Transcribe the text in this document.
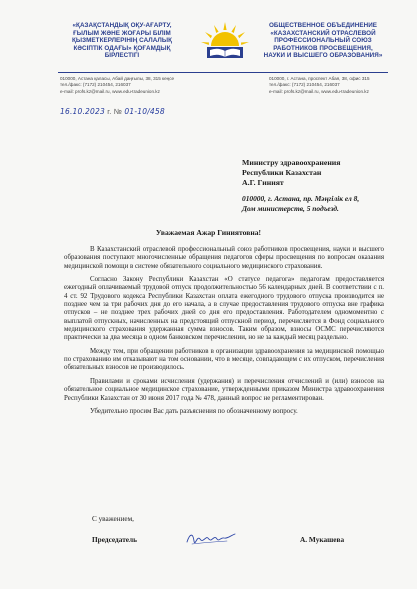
«ҚАЗАҚСТАНДЫҚ ОҚУ-АҒАРТУ,
ҒЫЛЫМ ЖӘНЕ ЖОҒАРЫ БІЛІМ
ҚЫЗМЕТКЕРЛЕРІНІҢ САЛАЛЫҚ
КӘСІПТІК ОДАҒЫ» ҚОҒАМДЫҚ
БІРЛЕСТІГІ
ОБЩЕСТВЕННОЕ ОБЪЕДИНЕНИЕ
«КАЗАХСТАНСКИЙ ОТРАСЛЕВОЙ
ПРОФЕССИОНАЛЬНЫЙ СОЮЗ
РАБОТНИКОВ ПРОСВЕЩЕНИЯ,
НАУКИ И ВЫСШЕГО ОБРАЗОВАНИЯ»
010000, Астана қаласы, Абай даңғылы, 38, 315 кеңсе
тел./факс: (7172) 210454, 216037
e-mail: profs.kz@mail.ru, www.edu-tradeunion.kz
010000, г. Астана, проспект Абая, 38, офис 315
тел./факс: (7172) 210454, 216037
e-mail: profs.kz@mail.ru, www.edu-tradeunion.kz
16.10.2023 г. № 01-10/458
Министру здравоохранения
Республики Казахстан
А.Г. Гиният
010000, г. Астана, пр. Мәңгілік ел 8,
Дом министерств, 5 подъезд.
Уважаемая Ажар Гиниятовна!

В Казахстанский отраслевой профессиональный союз работников просвещения, науки и высшего образования поступают многочисленные обращения педагогов сферы просвещения по вопросам оказания медицинской помощи в системе обязательного социального медицинского страхования.

Согласно Закону Республики Казахстан «О статусе педагога» педагогам предоставляется ежегодный оплачиваемый трудовой отпуск продолжительностью 56 календарных дней. В соответствии с п. 4 ст. 92 Трудового кодекса Республики Казахстан оплата ежегодного трудового отпуска производится не позднее чем за три рабочих дня до его начала, а в случае предоставления трудового отпуска вне графика отпусков – не позднее трех рабочих дней со дня его предоставления. Работодателем одномоментно с выплатой отпускных, начисленных на предстоящий отпускной период, перечисляется в Фонд социального медицинского страхования удержанная сумма взносов. Таким образом, взносы ОСМС перечисляются практически за два месяца в одном банковском перечислении, но не за каждый месяц раздельно.

Между тем, при обращении работников в организации здравоохранения за медицинской помощью по страхованию им отказывают на том основании, что в месяце, совпадающем с их отпуском, перечисления обязательных взносов не производилось.

Правилами и сроками исчисления (удержания) и перечисления отчислений и (или) взносов на обязательное социальное медицинское страхование, утвержденными приказом Министра здравоохранения Республики Казахстан от 30 июня 2017 года № 478, данный вопрос не регламентирован.

Убедительно просим Вас дать разъяснения по обозначенному вопросу.

С уважением,
Председатель	А. Мукашева
